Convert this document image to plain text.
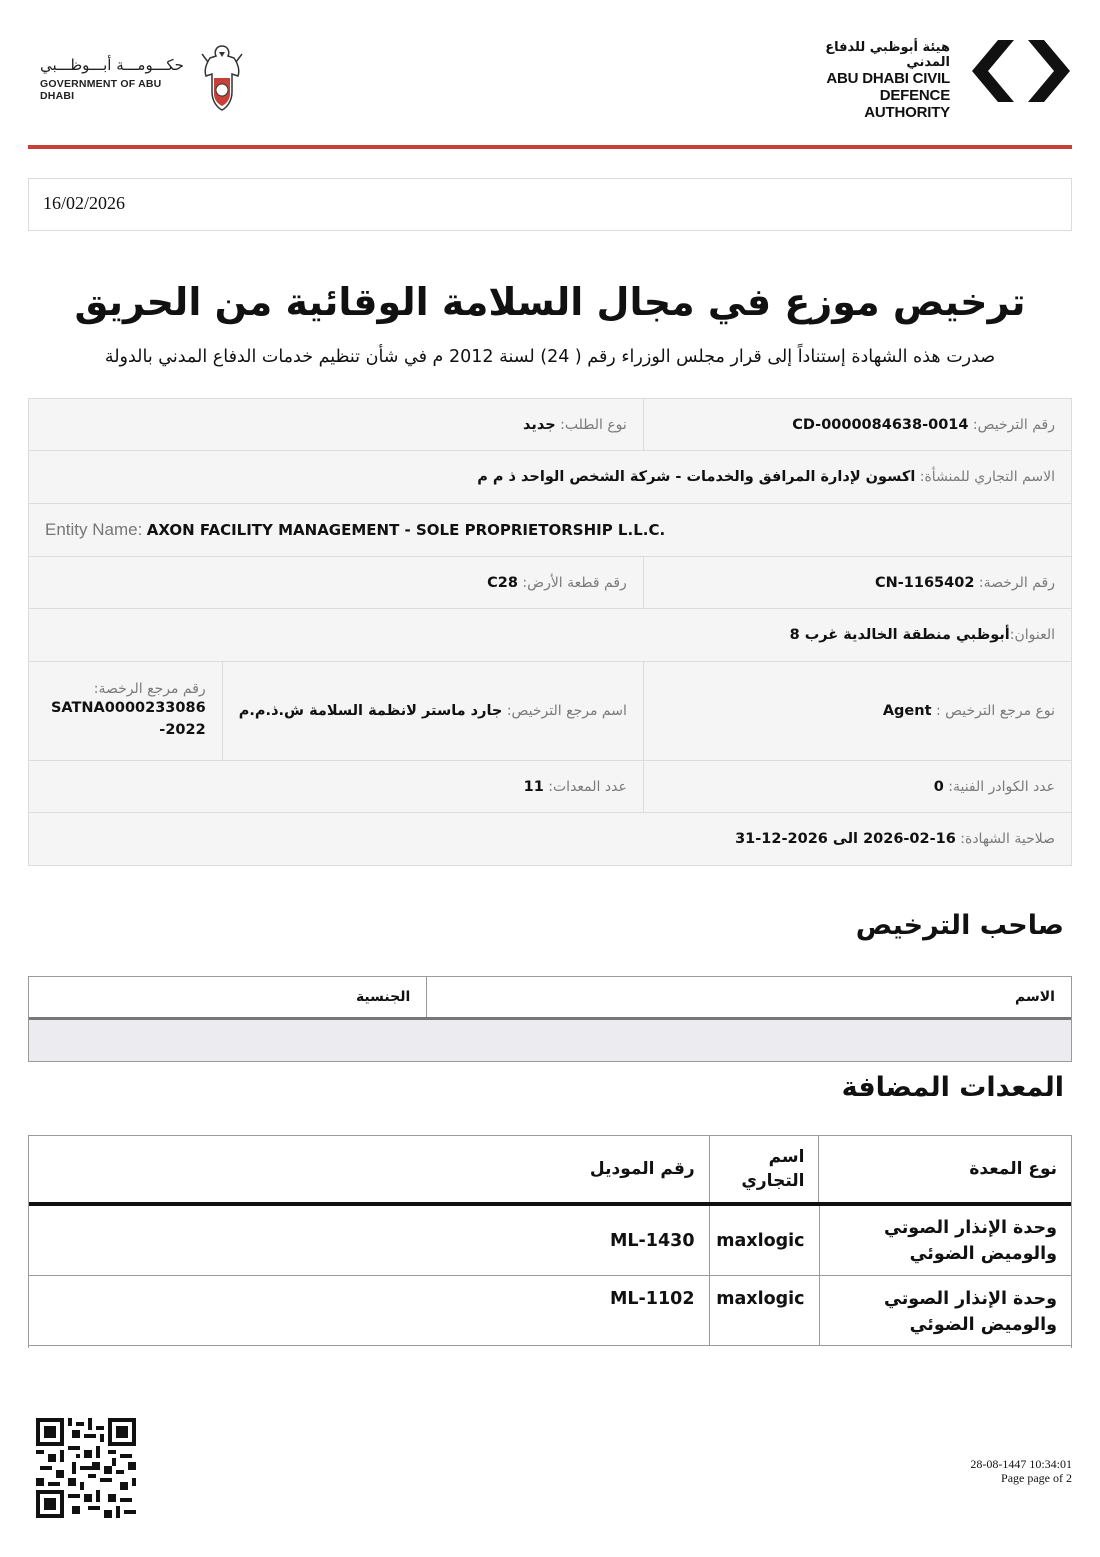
حكـــومـــة أبـــوظـــبي
GOVERNMENT OF ABU DHABI
هيئة أبوظبي للدفاع المدني
ABU DHABI CIVIL DEFENCE
AUTHORITY
16/02/2026
ترخيص موزع في مجال السلامة الوقائية من الحريق
صدرت هذه الشهادة إستناداً إلى قرار مجلس الوزراء رقم ( 24) لسنة 2012 م في شأن تنظيم خدمات الدفاع المدني بالدولة
رقم الترخيص:

CD-0000084638-0014
نوع الطلب:

جديد
الاسم التجاري للمنشأة:

اكسون لإدارة المرافق والخدمات - شركة الشخص الواحد ذ م م
Entity Name:
AXON FACILITY MANAGEMENT - SOLE PROPRIETORSHIP L.L.C.
رقم الرخصة:

CN-1165402
رقم قطعة الأرض:

C28
العنوان:
أبوظبي منطقة الخالدية غرب 8
نوع مرجع الترخيص :

Agent
اسم مرجع الترخيص:

جارد ماستر لانظمة السلامة ش.ذ.م.م
رقم مرجع الرخصة:
SATNA0000233086-2022
عدد الكوادر الفنية:

0
عدد المعدات:

11
صلاحية الشهادة:

2026-02-16 الى 2026-12-31
صاحب الترخيص
الاسم
الجنسية
المعدات المضافة
نوع المعدة
اسم التجاري
رقم الموديل
وحدة الإنذار الصوتي والوميض الضوئي
maxlogic
ML-1430
وحدة الإنذار الصوتي والوميض الضوئي
maxlogic
ML-1102
28-08-1447 10:34:01
Page page of 2
